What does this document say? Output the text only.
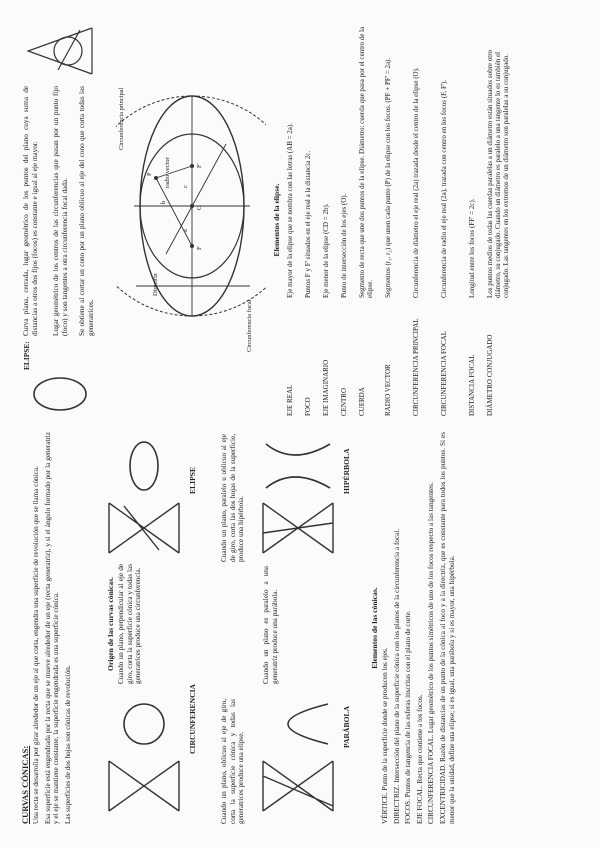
CURVAS CÓNICAS: Una recta se desarrolla por girar alrededor de un eje al que corta, engendra una superficie de revolución que se llama cónica. Esa superficie está engendrada por la recta que se mueve alrededor de un eje (recta generatriz), y si el ángulo formado por la generatriz y el eje se mantiene constante, la superficie engendrada es una superficie cónica. Las superficies de dos hojas son cónicas de revolución.
Origen de las curvas cónicas. Cuando un plano, perpendicular al eje de giro, corta la superficie cónica y todas las generatrices produce una circunferencia.
CIRCUNFERENCIA
ELIPSE
Cuando un plano, oblicuo al eje de giro, corta la superficie cónica y todas las generatrices produce una elipse.
Cuando un plano, paralelo u oblicuo al eje de giro, corta las dos hojas de la superficie, produce una hipérbola.
Cuando un plano es paralelo a una generatriz produce una parábola.
PARÁBOLA
HIPÉRBOLA
Elementos de las cónicas.
VÉRTICE. Punto de la superficie donde se producen los ejes. DIRECTRIZ. Intersección del plano de la superficie cónica con los planos de la circunferencia a focal. FOCOS. Puntos de tangencia de las esferas inscritas con el plano de corte. EJE FOCAL. Recta que contiene a los focos. CIRCUNFERENCIA FOCAL. Lugar geométrico de los puntos simétricos de uno de los focos respecto a las tangentes. EXCENTRICIDAD. Razón de distancias de un punto de la cónica al foco y a la directriz, que es constante para todos los puntos. Si es menor que la unidad, define una elipse; si es igual, una parábola y si es mayor, una hipérbola.
ELIPSE:
Curva plana, cerrada, lugar geométrico de los puntos del plano cuya suma de distancias a otros dos fijos (focos) es constante e igual al eje mayor. Lugar geométrico de los centros de las circunferencias que pasan por un punto fijo (foco) y son tangentes a otra circunferencia focal dada. Se obtiene al cortar un cono por un plano oblicuo al eje del cono que corta todas las generatrices.
Circunferencia principal
Circunferencia focal
radio vector
Directriz
F
F'
O
P
a
b
c	Elementos de la elipse.
EJE REAL
Eje mayor de la elipse que se nombra con las letras (AB = 2a).
FOCO
Puntos F y F' situados en el eje real a la distancia 2c.
EJE IMAGINARIO
Eje menor de la elipse (CD = 2b).
CENTRO
Punto de intersección de los ejes (O).
CUERDA
Segmento de recta que une dos puntos de la elipse. Diámetro: cuerda que pasa por el centro de la elipse.
RADIO VECTOR
Segmentos (r₁, r₂) que unen cada punto (P) de la elipse con los focos. (PF + PF' = 2a).
CIRCUNFERENCIA PRINCIPAL
Circunferencia de diámetro el eje real (2a) trazada desde el centro de la elipse (O).
CIRCUNFERENCIA FOCAL
Circunferencia de radio el eje real (2a), trazada con centro en los focos (F, F').
DISTANCIA FOCAL
Longitud entre los focos (FF' = 2c).
DIÁMETRO CONJUGADO
Los puntos medios de todas las cuerdas paralelas a un diámetro están situados sobre otro diámetro, su conjugado. Cuando un diámetro es paralelo a una tangente lo es también el conjugado. Las tangentes en los extremos de un diámetro son paralelas a su conjugado.
